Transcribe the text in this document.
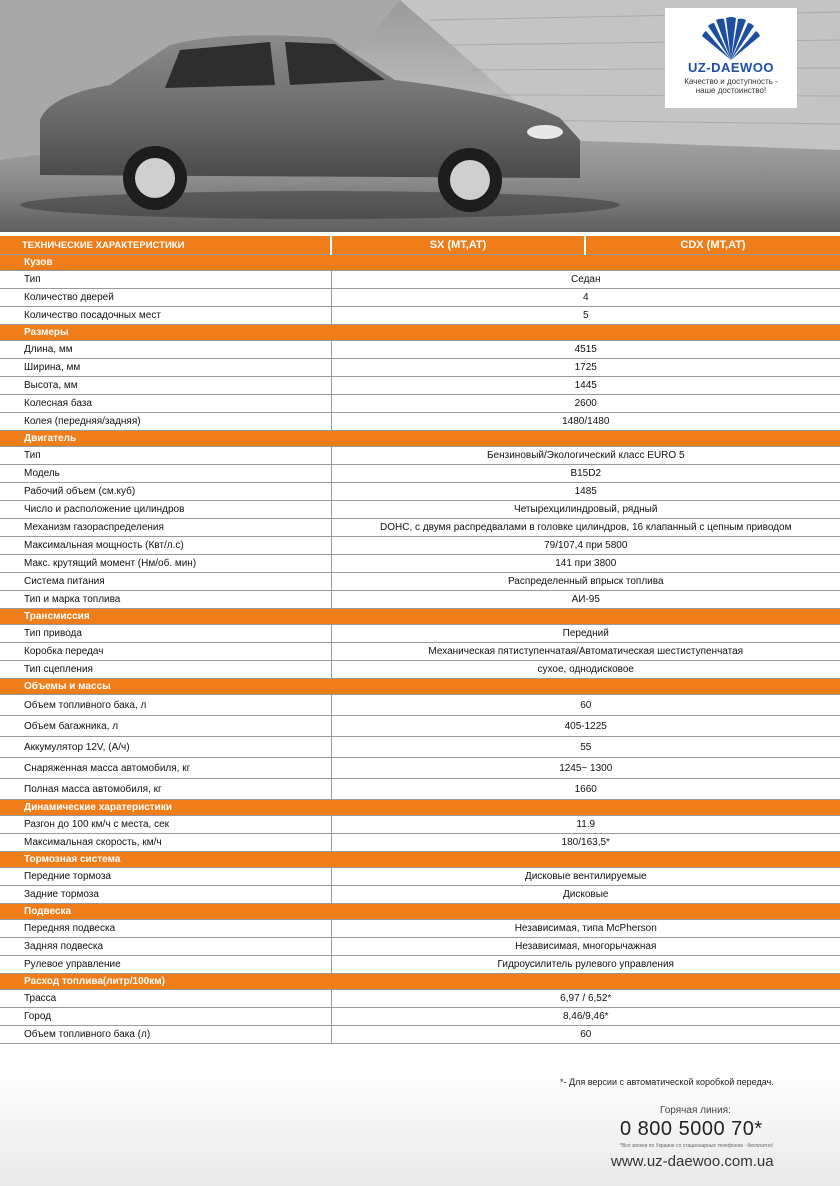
UZ-DAEWOO
Качество и доступность -
наше достоинство!
ТЕХНИЧЕСКИЕ ХАРАКТЕРИСТИКИ	SX (MT,AT)	CDX (MT,AT)
Кузов		
Тип	Седан	
Количество дверей	4	
Количество посадочных мест	5	
Размеры		
Длина, мм	4515	
Ширина, мм	1725	
Высота, мм	1445	
Колесная база	2600	
Колея (передняя/задняя)	1480/1480	
Двигатель		
Тип	Бензиновый/Экологический класс EURO 5	
Модель	B15D2	
Рабочий объем (см.куб)	1485	
Число и расположение цилиндров	Четырехцилиндровый, рядный	
Механизм газораспределения	DOHC, с двумя распредвалами в головке цилиндров, 16 клапанный с цепным приводом	
Максимальная мощность (Квт/л.с)	79/107,4 при 5800	
Макс. крутящий момент (Нм/об. мин)	141 при 3800	
Система питания	Распределенный впрыск топлива	
Тип и марка топлива	АИ-95	
Трансмиссия		
Тип привода	Передний	
Коробка передач	Механическая пятиступенчатая/Автоматическая шестиступенчатая	
Тип сцепления	сухое, однодисковое	
Объемы и массы		
Объем топливного бака, л	60	
Объем багажника, л	405-1225	
Аккумулятор 12V, (А/ч)	55	
Снаряженная масса автомобиля, кг	1245~ 1300	
Полная масса автомобиля, кг	1660	
Динамические харатеристики		
Разгон до 100 км/ч с места, сек	11.9	
Максимальная скорость, км/ч	180/163,5*	
Тормозная система		
Передние тормоза	Дисковые вентилируемые	
Задние тормоза	Дисковые	
Подвеска		
Передняя подвеска	Независимая, типа McPherson	
Задняя подвеска	Независимая, многорычажная	
Рулевое управление	Гидроусилитель рулевого управления	
Расход топлива(литр/100км)		
Трасса	6,97 / 6,52*	
Город	8,46/9,46*	
Объем топливного бака (л)	60	
*- Для версии с автоматической коробкой передач.
Горячая линия:
0 800 5000 70*
*Все звонки по Украине со стационарных телефонов - бесплатно!
www.uz-daewoo.com.ua
